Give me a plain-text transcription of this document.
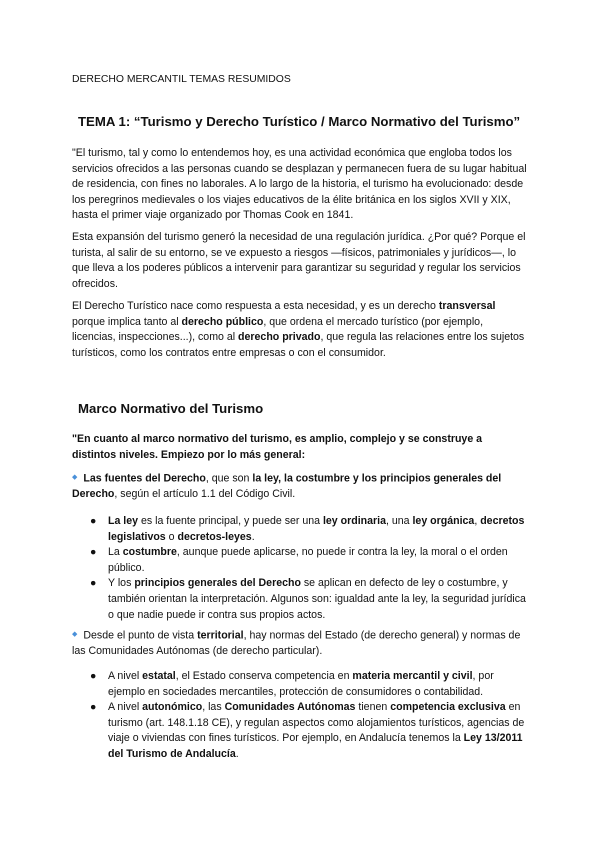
DERECHO MERCANTIL TEMAS RESUMIDOS

TEMA 1: “Turismo y Derecho Turístico / Marco Normativo del Turismo”

"El turismo, tal y como lo entendemos hoy, es una actividad económica que engloba todos los servicios ofrecidos a las personas cuando se desplazan y permanecen fuera de su lugar habitual de residencia, con fines no laborales. A lo largo de la historia, el turismo ha evolucionado: desde los peregrinos medievales o los viajes educativos de la élite británica en los siglos XVII y XIX, hasta el primer viaje organizado por Thomas Cook en 1841.

Esta expansión del turismo generó la necesidad de una regulación jurídica. ¿Por qué? Porque el turista, al salir de su entorno, se ve expuesto a riesgos —físicos, patrimoniales y jurídicos—, lo que lleva a los poderes públicos a intervenir para garantizar su seguridad y regular los servicios ofrecidos.

El Derecho Turístico nace como respuesta a esta necesidad, y es un derecho transversal porque implica tanto al derecho público, que ordena el mercado turístico (por ejemplo, licencias, inspecciones...), como al derecho privado, que regula las relaciones entre los sujetos turísticos, como los contratos entre empresas o con el consumidor.

Marco Normativo del Turismo

"En cuanto al marco normativo del turismo, es amplio, complejo y se construye a distintos niveles. Empiezo por lo más general:

◆ Las fuentes del Derecho, que son la ley, la costumbre y los principios generales del Derecho, según el artículo 1.1 del Código Civil.

● La ley es la fuente principal, y puede ser una ley ordinaria, una ley orgánica, decretos legislativos o decretos-leyes.
● La costumbre, aunque puede aplicarse, no puede ir contra la ley, la moral o el orden público.
● Y los principios generales del Derecho se aplican en defecto de ley o costumbre, y también orientan la interpretación. Algunos son: igualdad ante la ley, la seguridad jurídica o que nadie puede ir contra sus propios actos.

◆ Desde el punto de vista territorial, hay normas del Estado (de derecho general) y normas de las Comunidades Autónomas (de derecho particular).

● A nivel estatal, el Estado conserva competencia en materia mercantil y civil, por ejemplo en sociedades mercantiles, protección de consumidores o contabilidad.
● A nivel autonómico, las Comunidades Autónomas tienen competencia exclusiva en turismo (art. 148.1.18 CE), y regulan aspectos como alojamientos turísticos, agencias de viaje o viviendas con fines turísticos. Por ejemplo, en Andalucía tenemos la Ley 13/2011 del Turismo de Andalucía.
